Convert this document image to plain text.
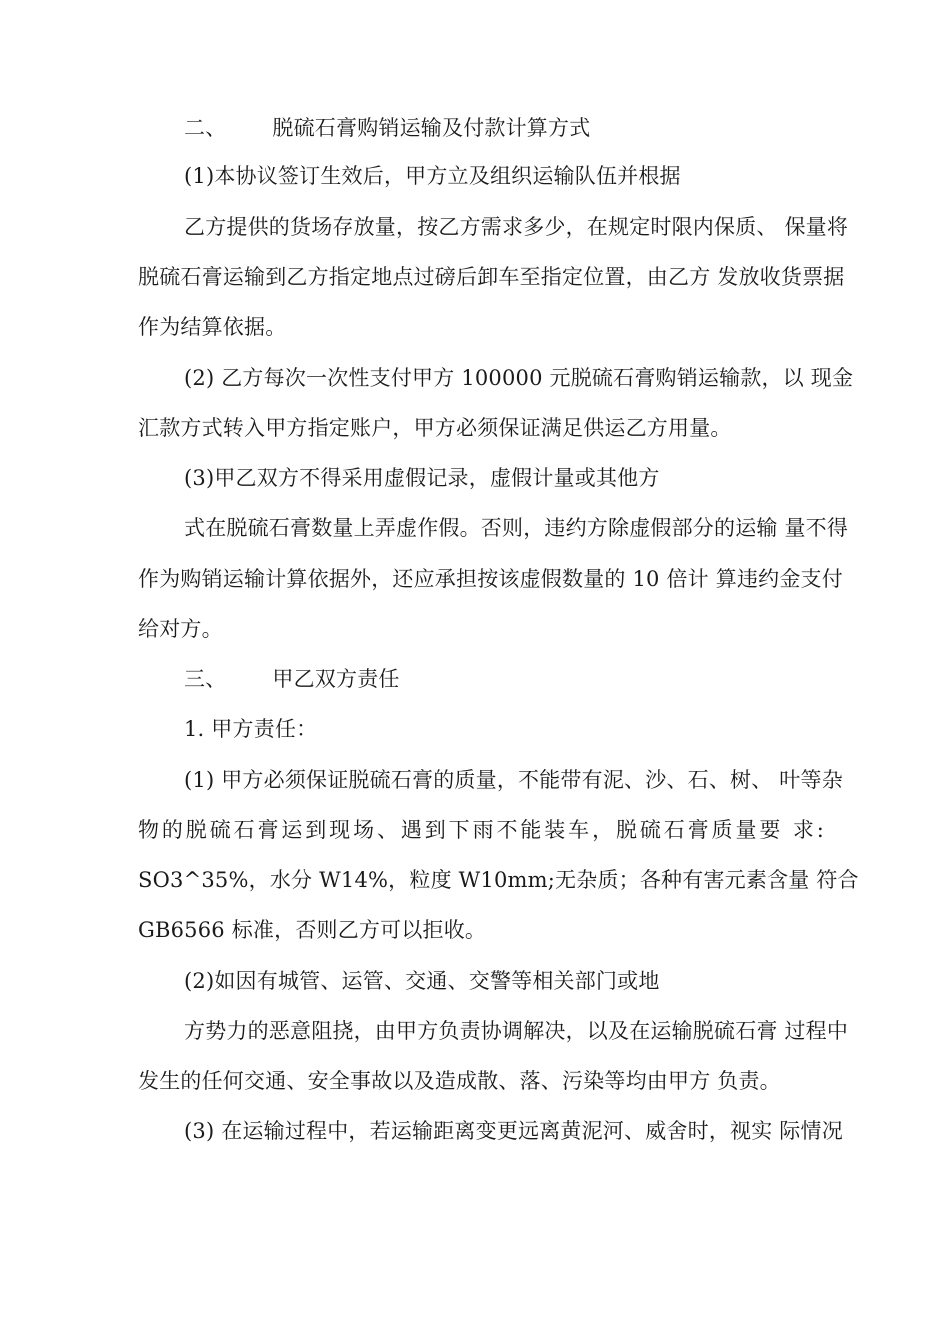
二、 脱硫石膏购销运输及付款计算方式
(1)本协议签订生效后，甲方立及组织运输队伍并根据
乙方提供的货场存放量，按乙方需求多少，在规定时限内保质、 保量将
脱硫石膏运输到乙方指定地点过磅后卸车至指定位置，由乙方 发放收货票据
作为结算依据。
(2) 乙方每次一次性支付甲方 100000 元脱硫石膏购销运输款，以 现金
汇款方式转入甲方指定账户，甲方必须保证满足供运乙方用量。
(3)甲乙双方不得采用虚假记录，虚假计量或其他方
式在脱硫石膏数量上弄虚作假。否则，违约方除虚假部分的运输 量不得
作为购销运输计算依据外，还应承担按该虚假数量的 10 倍计 算违约金支付
给对方。
三、 甲乙双方责任
1. 甲方责任：
(1) 甲方必须保证脱硫石膏的质量，不能带有泥、沙、石、树、 叶等杂
物的脱硫石膏运到现场、遇到下雨不能装车，脱硫石膏质量要 求:
SO3^35%，水分 W14%，粒度 W10mm;无杂质；各种有害元素含量 符合
GB6566 标准，否则乙方可以拒收。
(2)如因有城管、运管、交通、交警等相关部门或地
方势力的恶意阻挠，由甲方负责协调解决，以及在运输脱硫石膏 过程中
发生的任何交通、安全事故以及造成散、落、污染等均由甲方 负责。
(3) 在运输过程中，若运输距离变更远离黄泥河、威舍时，视实 际情况
